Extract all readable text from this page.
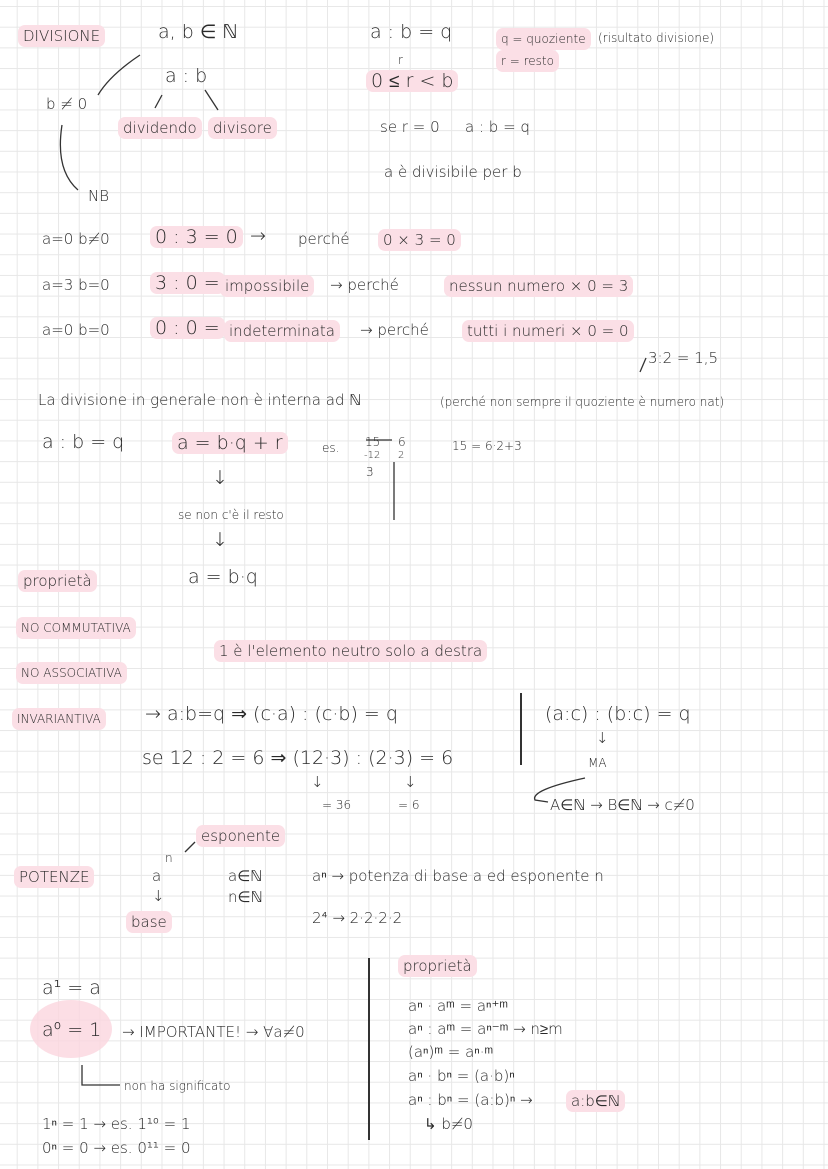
DIVISIONE	a, b ∈ ℕ
a : b
b ≠ 0
dividendo	divisore
NB
a : b = q
r
0 ≤ r < b
q = quoziente	(risultato divisione)
r = resto
se r = 0 a : b = q
a è divisibile per b
a=0 b≠0 0 : 3 = 0 → perché	0 × 3 = 0
a=3 b=0 3 : 0 = impossibile	→ perché	nessun numero × 0 = 3
a=0 b=0 0 : 0 = indeterminata	→ perché	tutti i numeri × 0 = 0
3:2 = 1,5
La divisione in generale non è interna ad ℕ	(perché non sempre il quoziente è numero nat)
a : b = q	a = b·q + r	es. 15
-12
3
6
2
15 = 6·2+3
↓
se non c'è il resto
↓
a = b·q
proprietà
NO COMMUTATIVA
1 è l'elemento neutro solo a destra
NO ASSOCIATIVA
INVARIANTIVA → a:b=q ⇒ (c·a) : (c·b) = q
se 12 : 2 = 6 ⇒ (12·3) : (2·3) = 6
↓	↓
= 36	= 6
(a:c) : (b:c) = q
↓
MA
A∈ℕ → B∈ℕ → c≠0
esponente
n
a
POTENZE	a∈ℕ
n∈ℕ
↓
base
aⁿ → potenza di base a ed esponente n
2⁴ → 2·2·2·2
proprietà
a¹ = a
a⁰ = 1 → IMPORTANTE! → ∀a≠0
non ha significato
1ⁿ = 1 → es. 1¹⁰ = 1
0ⁿ = 0 → es. 0¹¹ = 0
aⁿ · aᵐ = aⁿ⁺ᵐ
aⁿ : aᵐ = aⁿ⁻ᵐ → n≥m
(aⁿ)ᵐ = aⁿ·ᵐ
aⁿ · bⁿ = (a·b)ⁿ
aⁿ : bⁿ = (a:b)ⁿ →	a:b∈ℕ
↳ b≠0
